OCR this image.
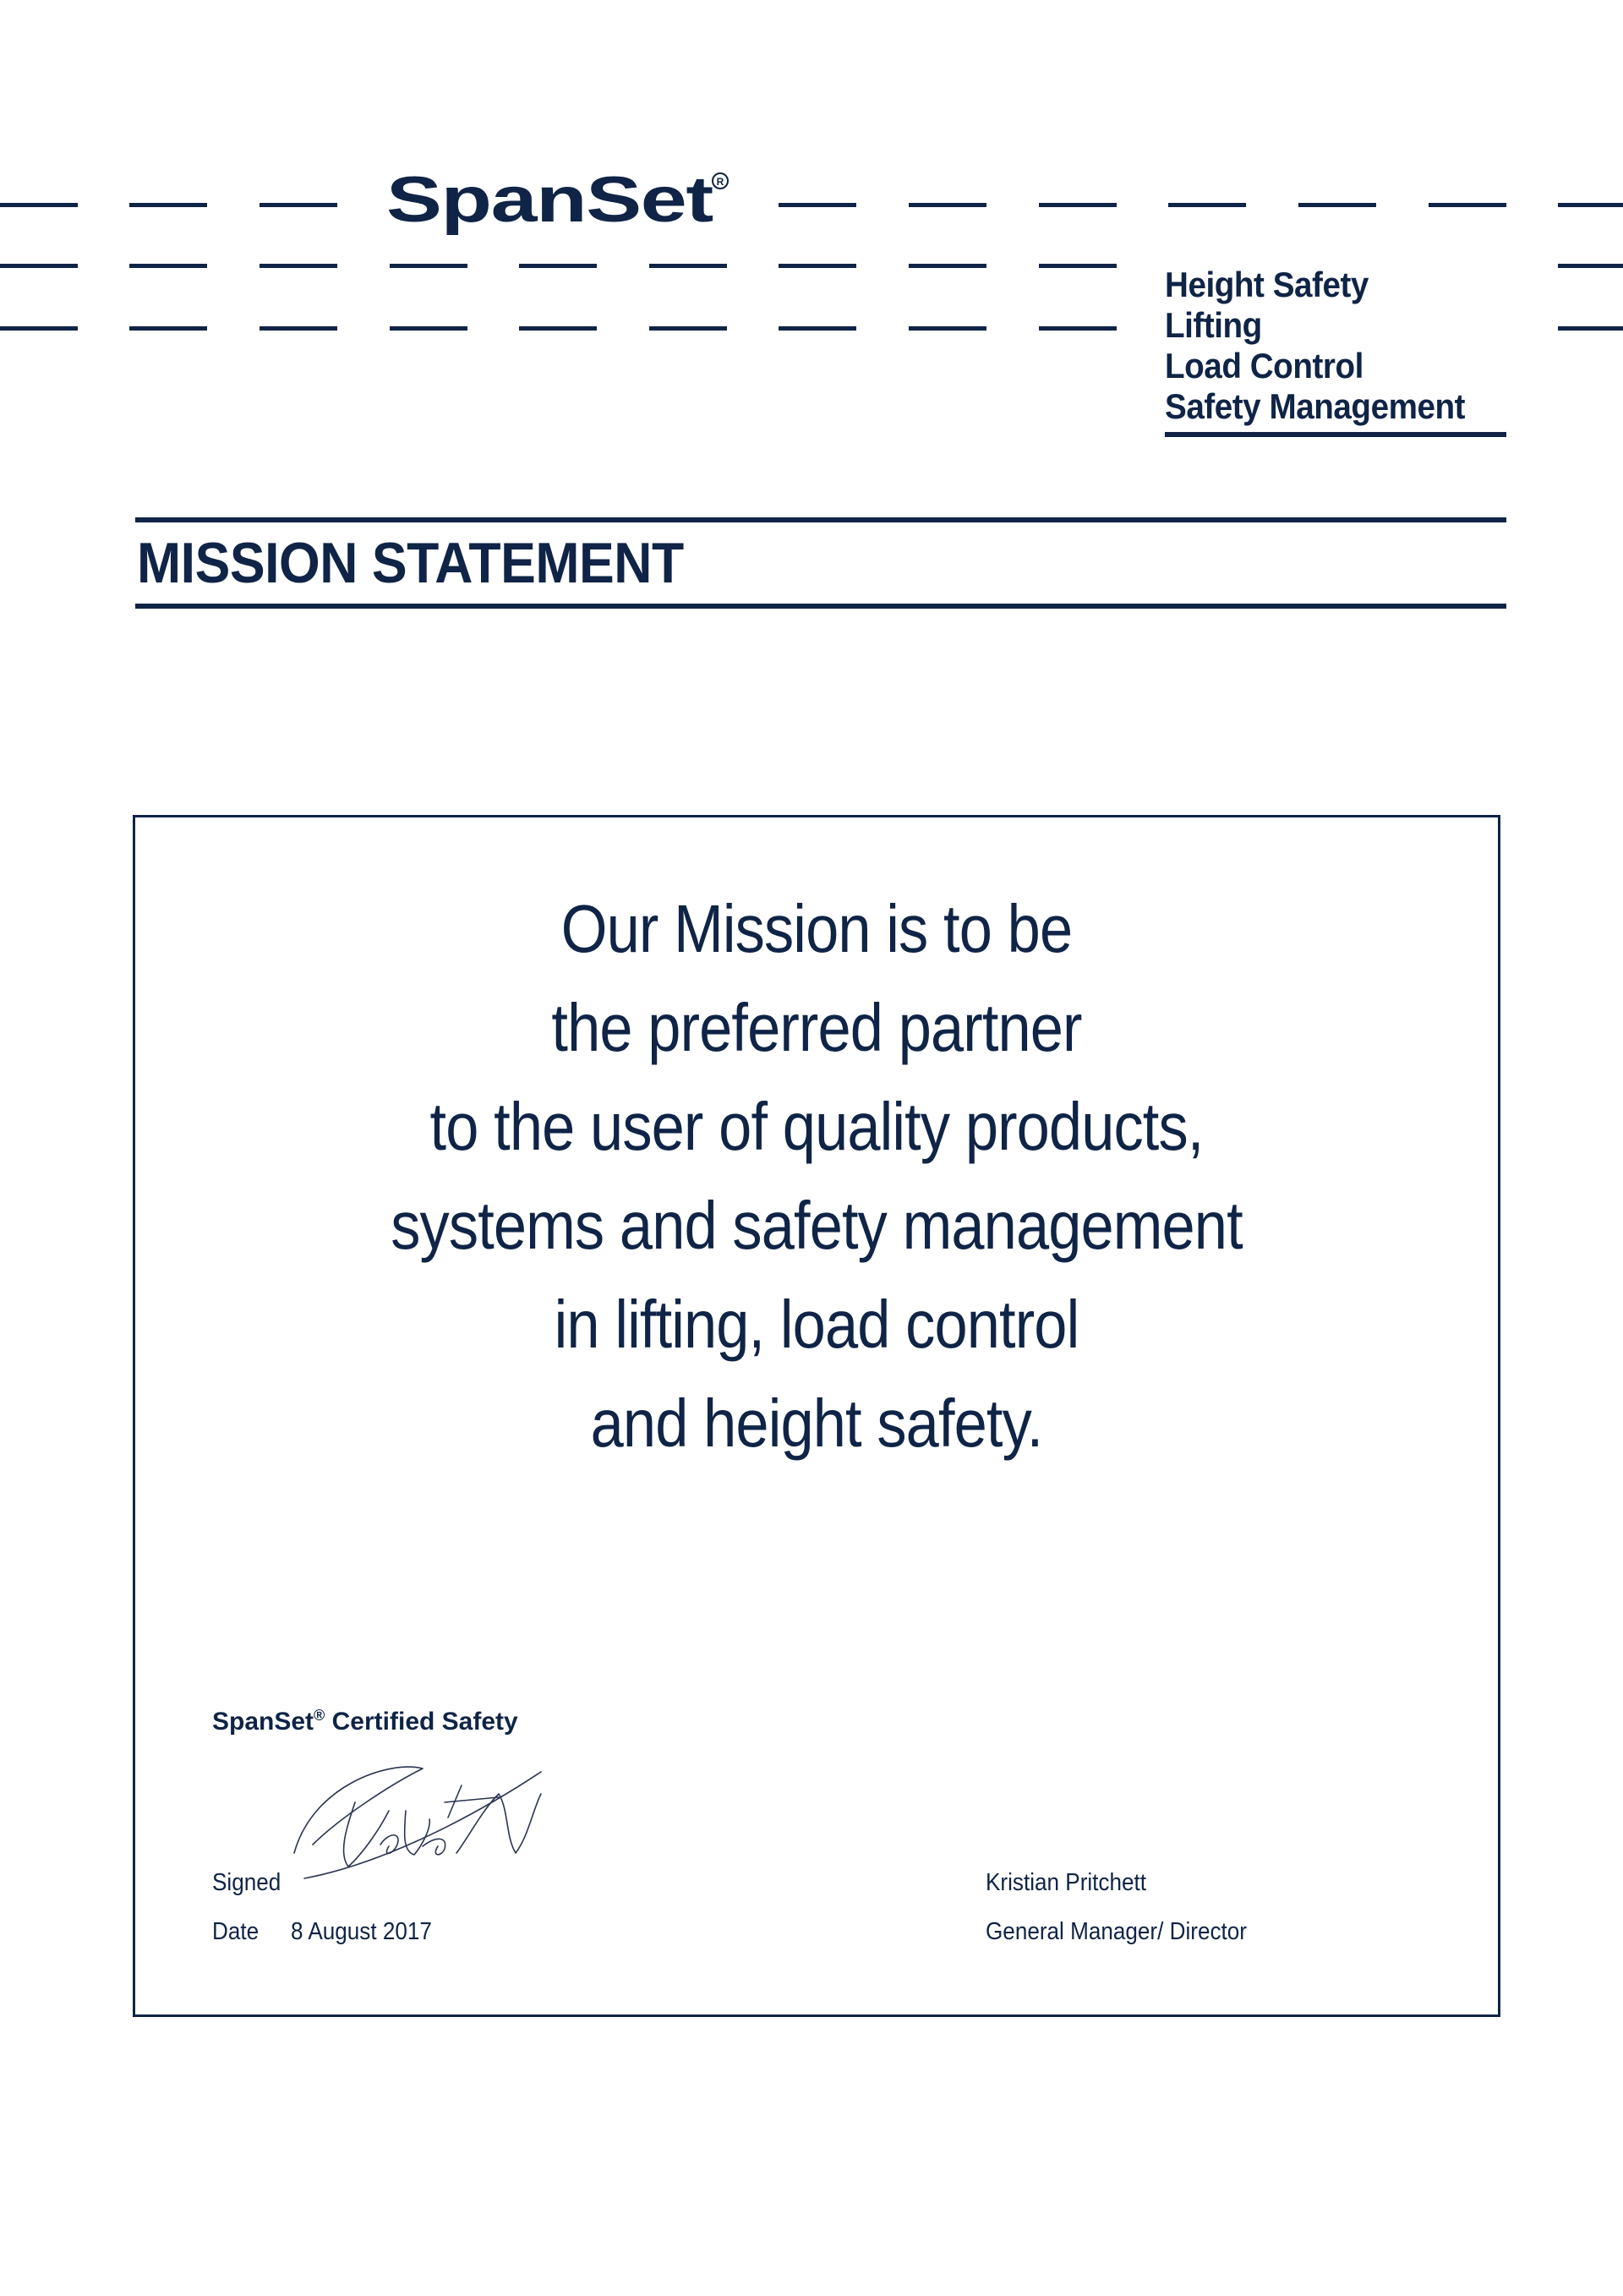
SpanSet R
Height Safety
Lifting
Load Control
Safety Management
MISSION STATEMENT
Our Mission is to be
the preferred partner
to the user of quality products,
systems and safety management
in lifting, load control
and height safety.
SpanSet® Certified Safety
Signed
Date 8 August 2017
Kristian Pritchett
General Manager/ Director
